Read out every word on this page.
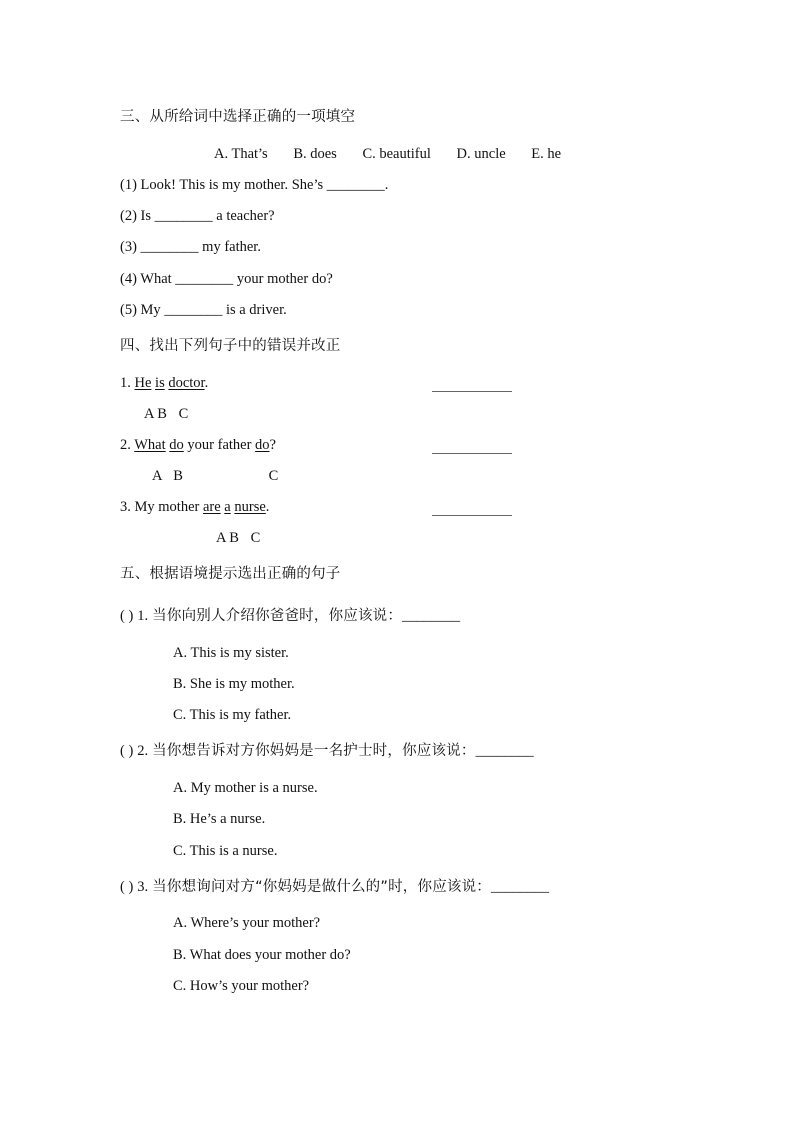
三、从所给词中选择正确的一项填空
A. That’s B. does C. beautiful D. uncle E. he
(1) Look! This is my mother. She’s ________.
(2) Is ________ a teacher?
(3) ________ my father.
(4) What ________ your mother do?
(5) My ________ is a driver.
四、找出下列句子中的错误并改正
1. He is doctor.
A B C
2. What do your father do?
A B	C
3. My mother are a nurse.
A B C
五、根据语境提示选出正确的句子
( ) 1. 当你向别人介绍你爸爸时，你应该说：________
A. This is my sister.
B. She is my mother.
C. This is my father.
( ) 2. 当你想告诉对方你妈妈是一名护士时，你应该说：________
A. My mother is a nurse.
B. He’s a nurse.
C. This is a nurse.
( ) 3. 当你想询问对方“你妈妈是做什么的”时，你应该说：________
A. Where’s your mother?
B. What does your mother do?
C. How’s your mother?
